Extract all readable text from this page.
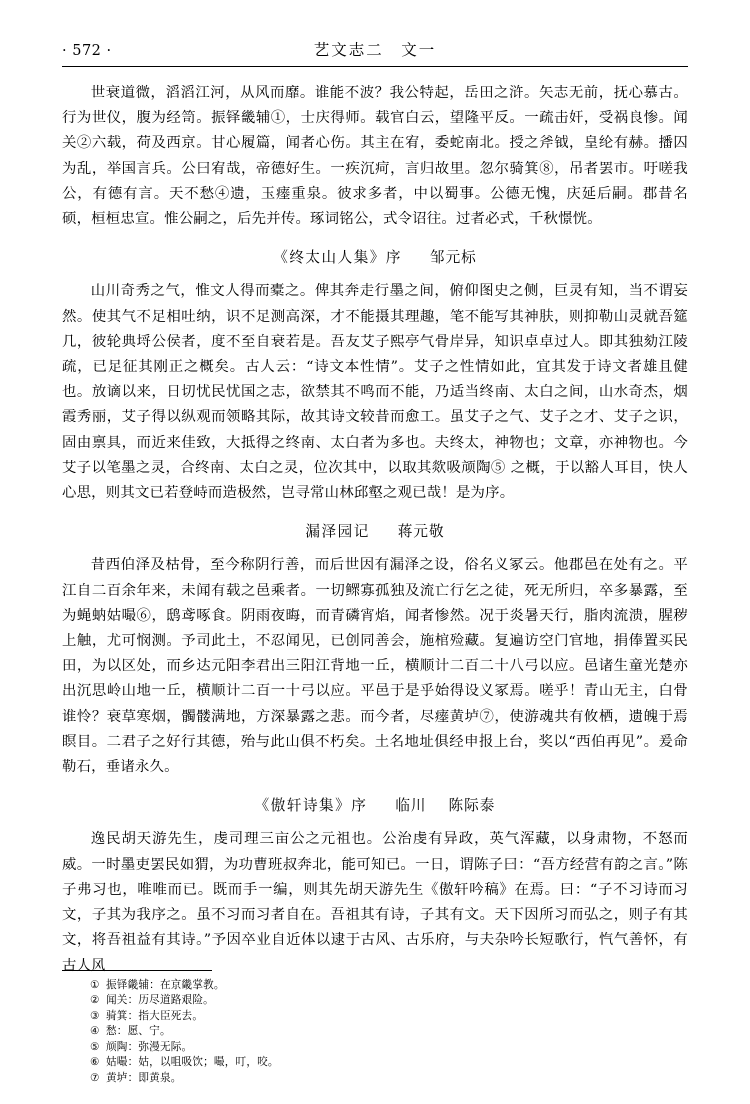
· 572 ·	艺文志二　文一

世衰道微，滔滔江河，从风而靡。谁能不波？我公特起，岳田之浒。矢志无前，抚心慕古。行为世仪，腹为经笥。振铎畿辅①，士庆得师。载官白云，望隆平反。一疏击奸，受祸良惨。闻关②六载，荷及西京。甘心履篇，闻者心伤。其主在宥，委蛇南北。授之斧钺，皇纶有赫。播囚为乱，举国言兵。公曰宥哉，帝德好生。一疾沉疴，言归故里。忽尔骑箕⑧，吊者罢市。吁嗟我公，有德有言。天不愁④遗，玉瘗重泉。彼求多者，中以蜀事。公德无愧，庆延后嗣。郡昔名硕，桓桓忠宣。惟公嗣之，后先并传。琢词铭公，式令诏往。过者必式，千秋憬恍。

《终太山人集》序 邹元标

山川奇秀之气，惟文人得而橐之。俾其奔走行墨之间，俯仰图史之侧，巨灵有知，当不谓妄然。使其气不足相吐纳，识不足测高深，才不能摄其理趣，笔不能写其神肤，则抑勒山灵就吾筵几，彼轮典埒公侯者，度不至自衰若是。吾友艾子熙亭气骨岸异，知识卓卓过人。即其独劾江陵疏，已足征其刚正之概矣。古人云：“诗文本性情”。艾子之性情如此，宜其发于诗文者雄且健也。放谪以来，日切忧民忧国之志，欲禁其不鸣而不能，乃适当终南、太白之间，山水奇杰，烟霞秀丽，艾子得以纵观而领略其际，故其诗文较昔而愈工。虽艾子之气、艾子之才、艾子之识，固由禀具，而近来佳致，大抵得之终南、太白者为多也。夫终太，神物也；文章，亦神物也。今艾子以笔墨之灵，合终南、太白之灵，位次其中，以取其欻吸颃陶⑤ 之概，于以豁人耳目，快人心思，则其文已若登峙而造极然，岂寻常山林邱壑之观已哉！是为序。

漏泽园记 蒋元敬

昔西伯泽及枯骨，至今称阴行善，而后世因有漏泽之设，俗名义冢云。他郡邑在处有之。平江自二百余年来，未闻有载之邑乘者。一切鳏寡孤独及流亡行乞之徒，死无所归，卒多暴露，至为蝇蚋姑嘬⑥，鸱鸢啄食。阴雨夜晦，而青磷宵焰，闻者惨然。况于炎暑天行，脂肉流溃，腥秽上触，尤可悯测。予司此土，不忍闻见，已创同善会，施棺殓藏。复遍访空门官地，捐俸置买民田，为以区处，而乡达元阳李君出三阳江背地一丘，横顺计二百二十八弓以应。邑诸生童光楚亦出沉思岭山地一丘，横顺计二百一十弓以应。平邑于是乎始得设义冢焉。嗟乎！青山无主，白骨谁怜？衰草寒烟，髑髅满地，方深暴露之悲。而今者，尽瘗黄垆⑦，使游魂共有攸栖，遗魄于焉瞑目。二君子之好行其德，殆与此山俱不朽矣。土名地址俱经申报上台，奖以“西伯再见”。爰命勒石，垂诸永久。

《傲轩诗集》序 临川 陈际泰

逸民胡天游先生，虔司理三亩公之元祖也。公治虔有异政，英气浑藏，以身肃物，不怒而威。一时墨吏罢民如猬，为功曹班叔奔北，能可知已。一日，谓陈子曰：“吾方经营有韵之言。”陈子弗习也，唯唯而已。既而手一编，则其先胡天游先生《傲轩吟稿》在焉。曰：“子不习诗而习文，子其为我序之。虽不习而习者自在。吾祖其有诗，子其有文。天下因所习而弘之，则子有其文，将吾祖益有其诗。”予因卒业自近体以逮于古风、古乐府，与夫杂吟长短歌行，忾气善怀，有古人风

① 振铎畿辅：在京畿掌教。
② 闻关：历尽道路艰险。
③ 骑箕：指大臣死去。
④ 愁：愿、宁。
⑤ 颃陶：弥漫无际。
⑥ 姑嘬：姑，以咀吸饮；嘬，叮，咬。
⑦ 黄垆：即黄泉。
